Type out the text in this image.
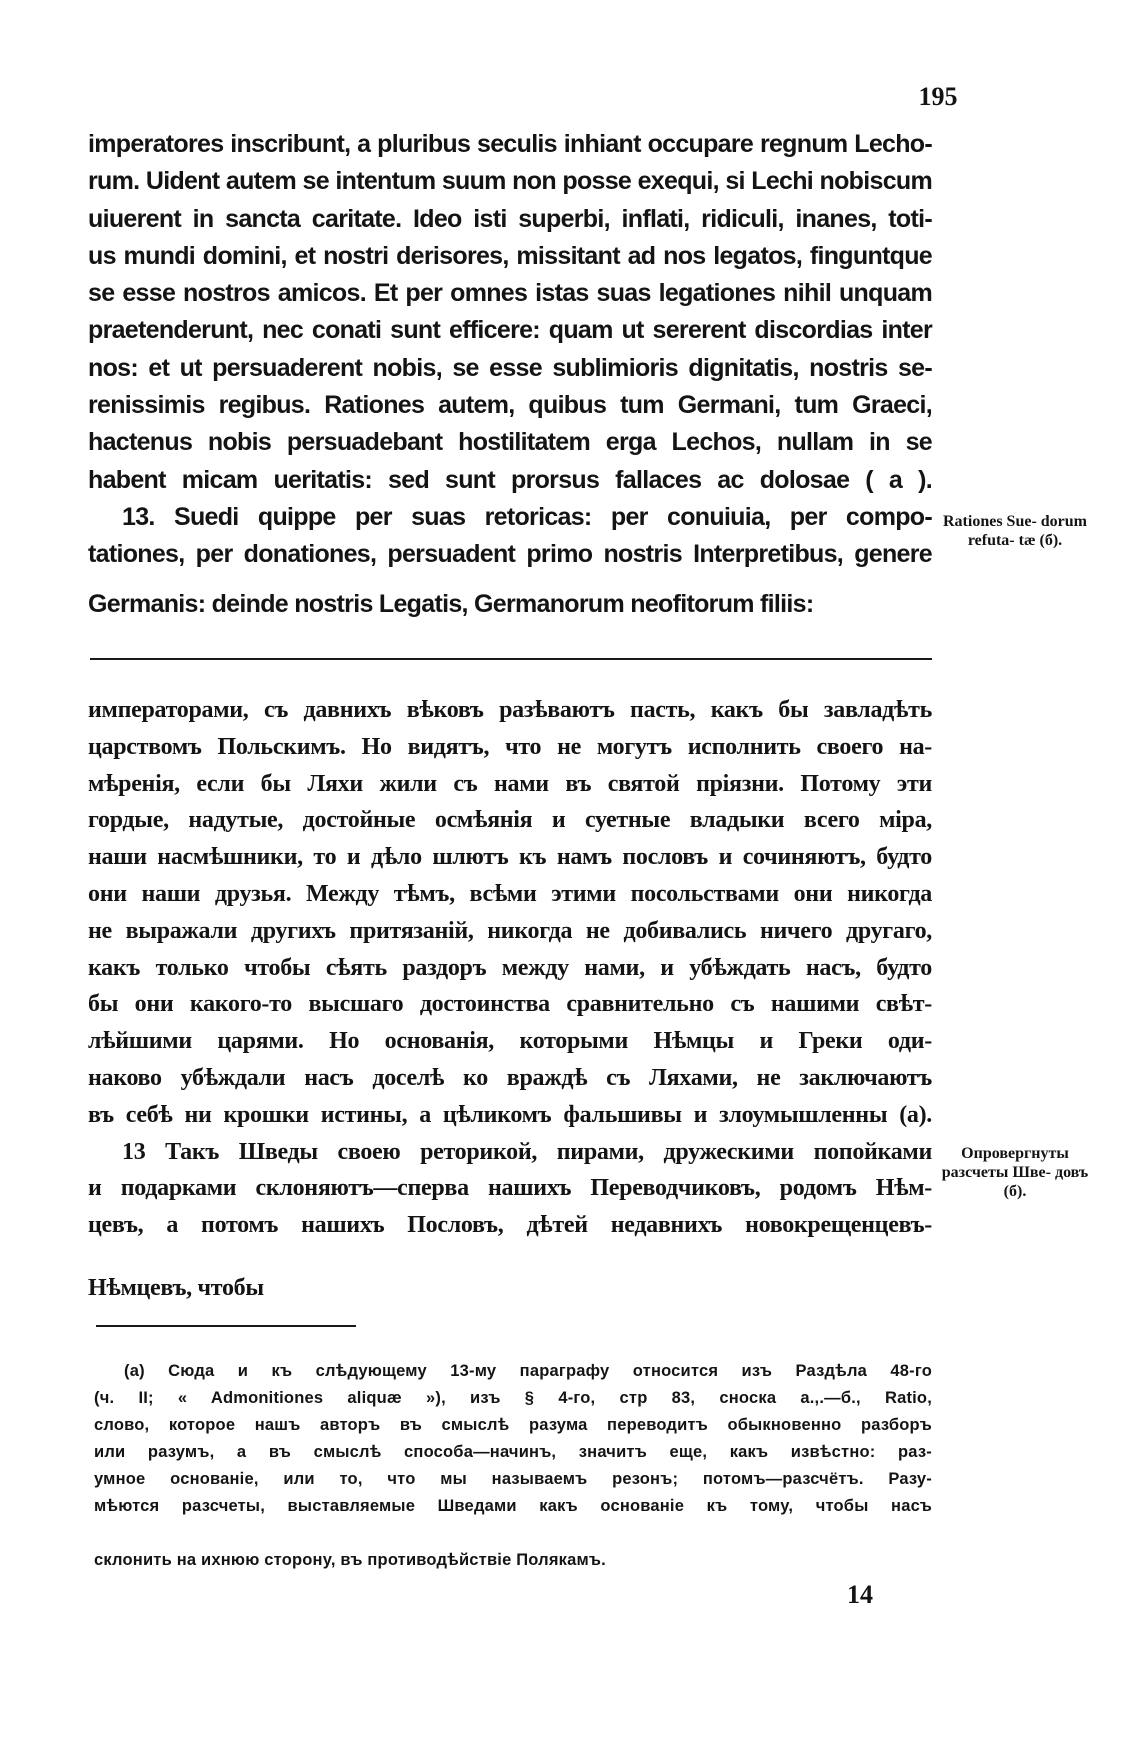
195

imperatores inscribunt, a pluribus seculis inhiant occupare regnum Lecho-
rum. Uident autem se intentum suum non posse exequi, si Lechi nobiscum
uiuerent in sancta caritate. Ideo isti superbi, inflati, ridiculi, inanes, toti-
us mundi domini, et nostri derisores, missitant ad nos legatos, finguntque
se esse nostros amicos. Et per omnes istas suas legationes nihil unquam
praetenderunt, nec conati sunt efficere: quam ut sererent discordias inter
nos: et ut persuaderent nobis, se esse sublimioris dignitatis, nostris se-
renissimis regibus. Rationes autem, quibus tum Germani, tum Graeci,
hactenus nobis persuadebant hostilitatem erga Lechos, nullam in se
habent micam ueritatis: sed sunt prorsus fallaces ac dolosae ( a ).
13. Suedi quippe per suas retoricas: per conuiuia, per compo-
tationes, per donationes, persuadent primo nostris Interpretibus, genere

Germanis: deinde nostris Legatis, Germanorum neofitorum filiis:

Rationes Sue- dorum refuta- tæ (б).

императорами, съ давнихъ вѣковъ разѣваютъ пасть, какъ бы завладѣть
царствомъ Польскимъ. Но видятъ, что не могутъ исполнить своего на-
мѣренія, если бы Ляхи жили съ нами въ святой пріязни. Потому эти
гордые, надутые, достойные осмѣянія и суетные владыки всего міра,
наши насмѣшники, то и дѣло шлютъ къ намъ пословъ и сочиняютъ, будто
они наши друзья. Между тѣмъ, всѣми этими посольствами они никогда
не выражали другихъ притязаній, никогда не добивались ничего другаго,
какъ только чтобы сѣять раздоръ между нами, и убѣждать насъ, будто
бы они какого-то высшаго достоинства сравнительно съ нашими свѣт-
лѣйшими царями. Но основанія, которыми Нѣмцы и Греки оди-
наково убѣждали насъ доселѣ ко враждѣ съ Ляхами, не заключаютъ
въ себѣ ни крошки истины, а цѣликомъ фальшивы и злоумышленны (а).
13 Такъ Шведы своею реторикой, пирами, дружескими попойками
и подарками склоняютъ—сперва нашихъ Переводчиковъ, родомъ Нѣм-
цевъ, а потомъ нашихъ Пословъ, дѣтей недавнихъ новокрещенцевъ-

Нѣмцевъ, чтобы

Опровергнуты разсчеты Шве- довъ (б).

(а) Сюда и къ слѣдующему 13-му параграфу относится изъ Раздѣла 48-го
(ч. II; « Admonitiones aliquæ »), изъ § 4-го, стр 83, сноска а.,.—б., Ratio,
слово, которое нашъ авторъ въ смыслѣ разума переводитъ обыкновенно разборъ
или разумъ, а въ смыслѣ способа—начинъ, значитъ еще, какъ извѣстно: раз-
умное основаніе, или то, что мы называемъ резонъ; потомъ—разсчётъ. Разу-
мѣются разсчеты, выставляемые Шведами какъ основаніе къ тому, чтобы насъ

склонить на ихнюю сторону, въ противодѣйствіе Полякамъ.

14
